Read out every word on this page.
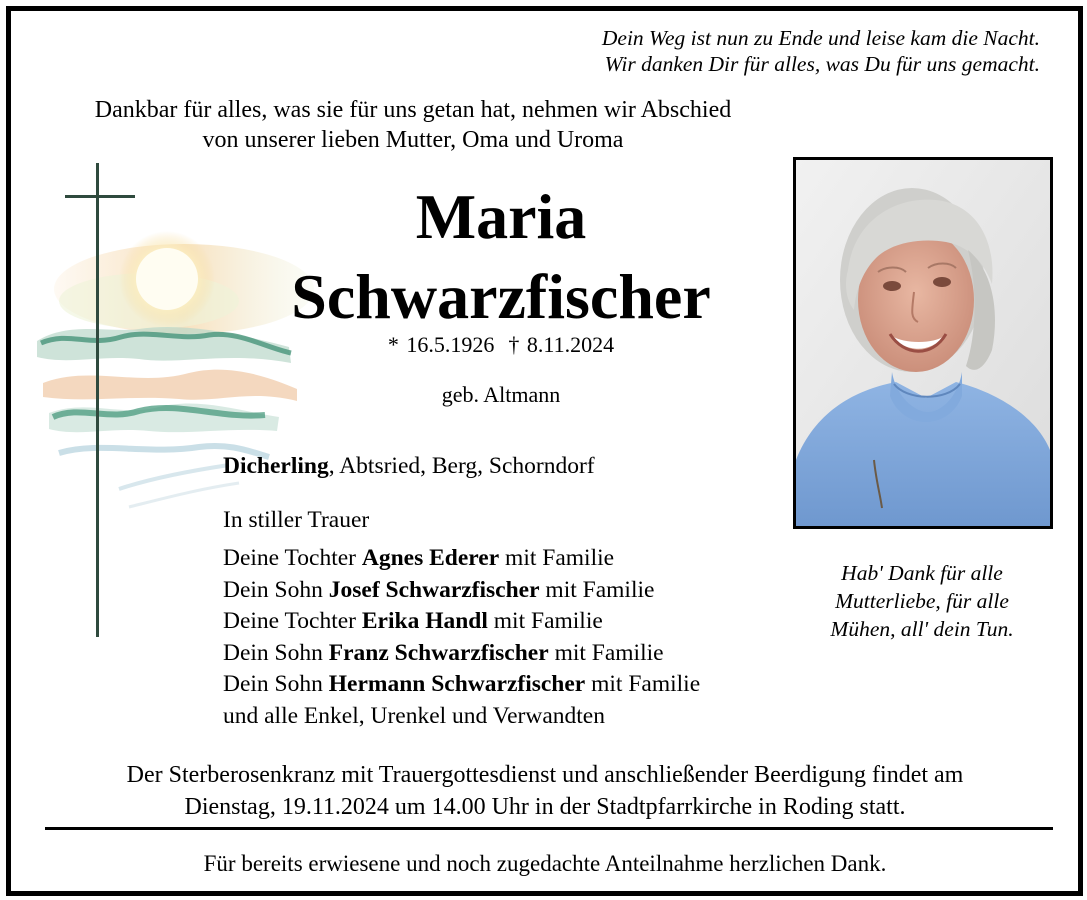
Dein Weg ist nun zu Ende und leise kam die Nacht.
Wir danken Dir für alles, was Du für uns gemacht.
Dankbar für alles, was sie für uns getan hat, nehmen wir Abschied
von unserer lieben Mutter, Oma und Uroma
Maria
Schwarzfischer
* 16.5.1926 † 8.11.2024
geb. Altmann
Dicherling, Abtsried, Berg, Schorndorf
In stiller Trauer
Deine Tochter Agnes Ederer mit Familie
Dein Sohn Josef Schwarzfischer mit Familie
Deine Tochter Erika Handl mit Familie
Dein Sohn Franz Schwarzfischer mit Familie
Dein Sohn Hermann Schwarzfischer mit Familie
und alle Enkel, Urenkel und Verwandten
Hab' Dank für alle
Mutterliebe, für alle
Mühen, all' dein Tun.
Der Sterberosenkranz mit Trauergottesdienst und anschließender Beerdigung findet am
Dienstag, 19.11.2024 um 14.00 Uhr in der Stadtpfarrkirche in Roding statt.
Für bereits erwiesene und noch zugedachte Anteilnahme herzlichen Dank.
